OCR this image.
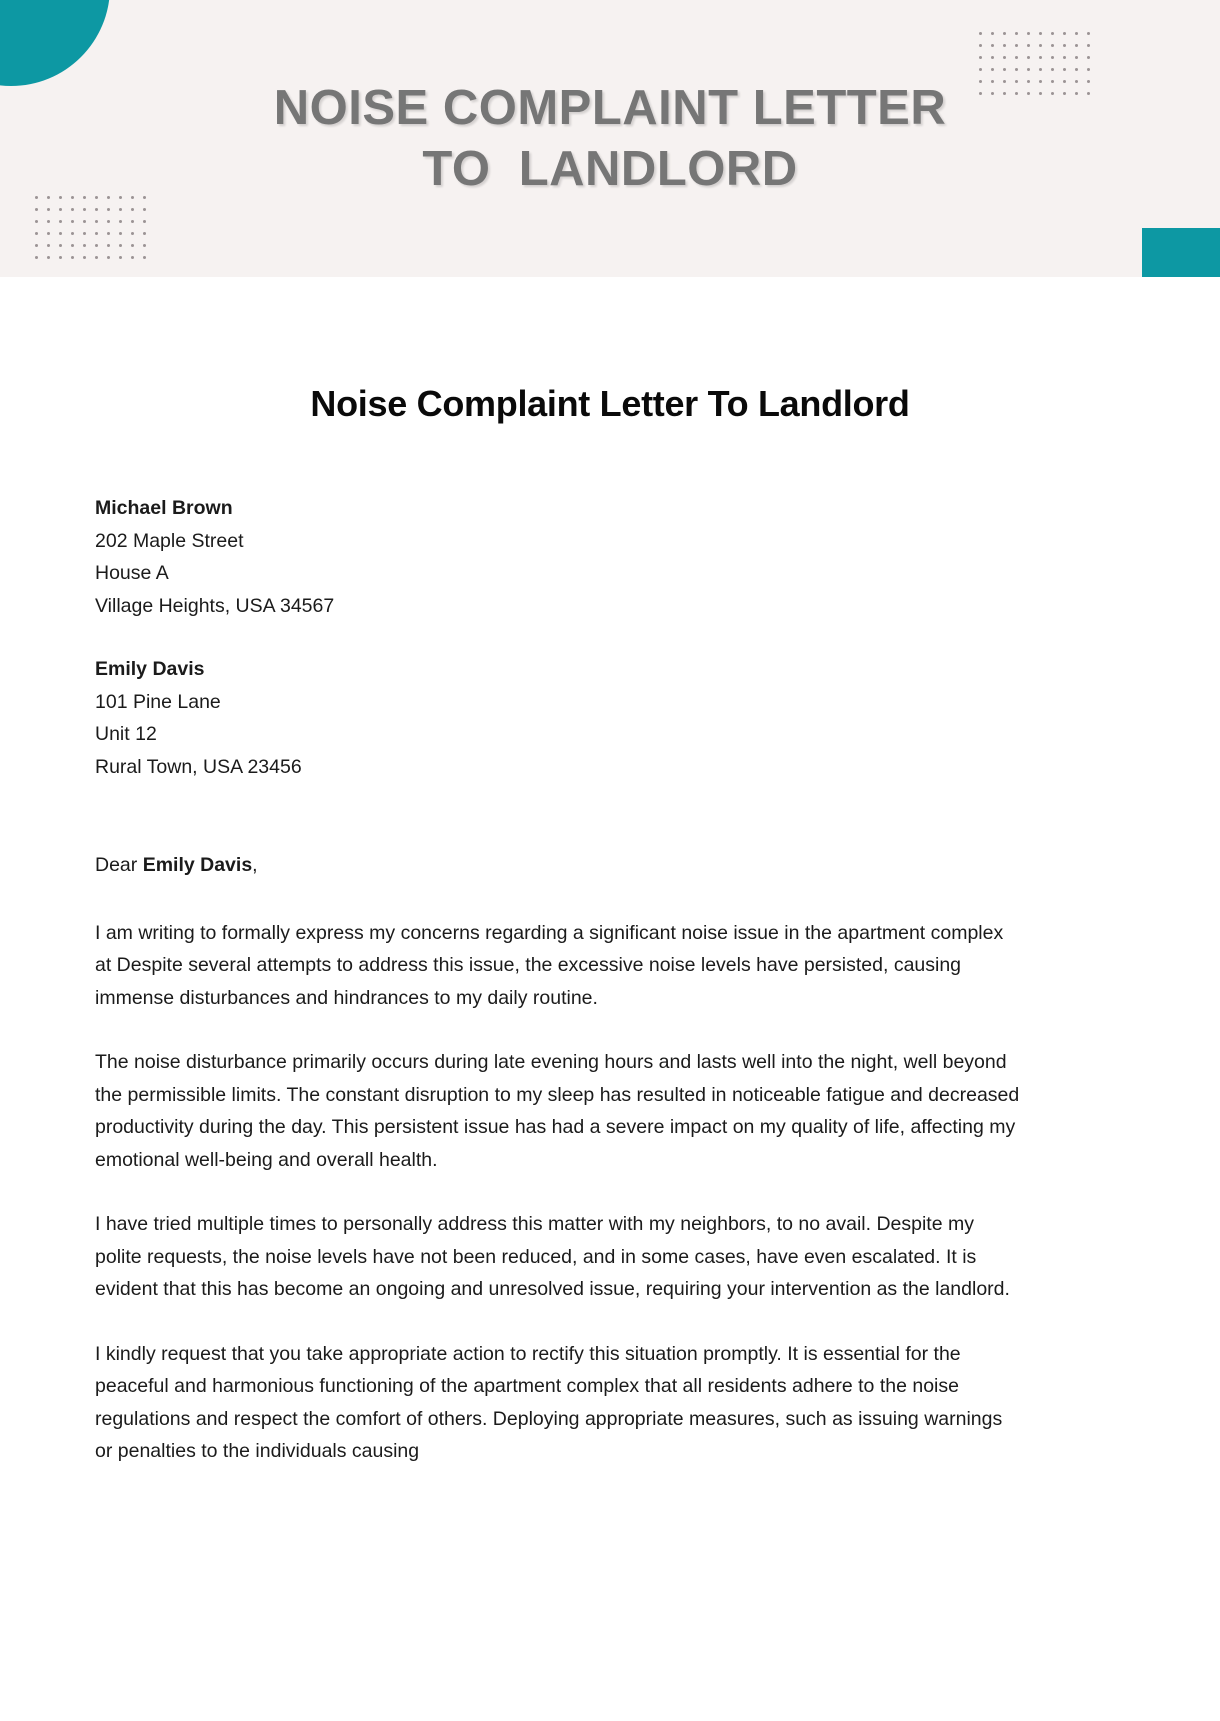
NOISE COMPLAINT LETTER
TO  LANDLORD
Noise Complaint Letter To Landlord
Michael Brown
202 Maple Street
House A
Village Heights, USA 34567
Emily Davis
101 Pine Lane
Unit 12
Rural Town, USA 23456
Dear Emily Davis,

I am writing to formally express my concerns regarding a significant noise issue in the apartment complex at Despite several attempts to address this issue, the excessive noise levels have persisted, causing immense disturbances and hindrances to my daily routine.

The noise disturbance primarily occurs during late evening hours and lasts well into the night, well beyond the permissible limits. The constant disruption to my sleep has resulted in noticeable fatigue and decreased productivity during the day. This persistent issue has had a severe impact on my quality of life, affecting my emotional well-being and overall health.

I have tried multiple times to personally address this matter with my neighbors, to no avail. Despite my polite requests, the noise levels have not been reduced, and in some cases, have even escalated. It is evident that this has become an ongoing and unresolved issue, requiring your intervention as the landlord.

I kindly request that you take appropriate action to rectify this situation promptly. It is essential for the peaceful and harmonious functioning of the apartment complex that all residents adhere to the noise regulations and respect the comfort of others. Deploying appropriate measures, such as issuing warnings or penalties to the individuals causing
